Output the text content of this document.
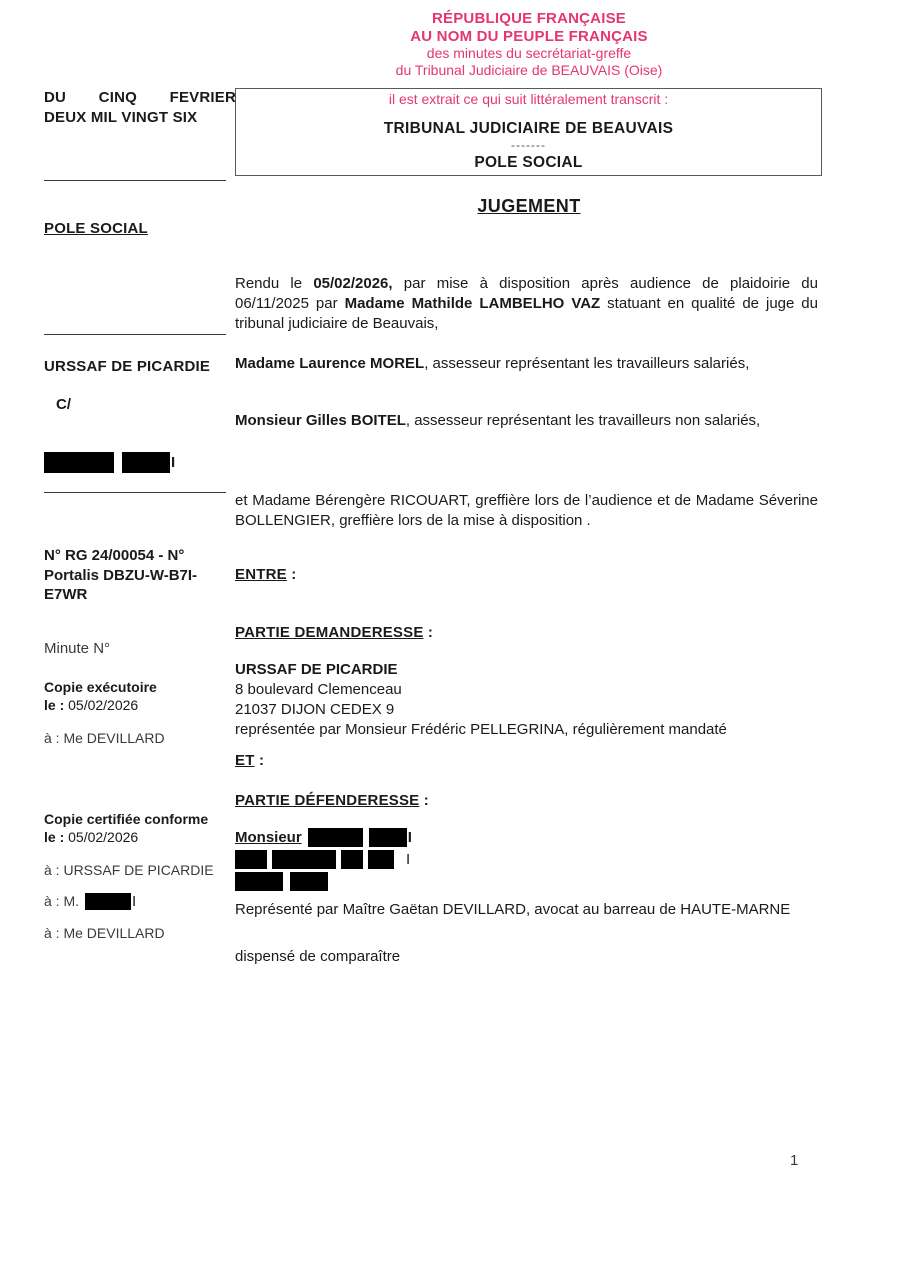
RÉPUBLIQUE FRANÇAISE
AU NOM DU PEUPLE FRANÇAIS
des minutes du secrétariat-greffe
du Tribunal Judiciaire de BEAUVAIS (Oise)
il est extrait ce qui suit littéralement transcrit :
TRIBUNAL JUDICIAIRE DE BEAUVAIS
-------
POLE SOCIAL
DU CINQ FEVRIER
DEUX MIL VINGT SIX
POLE SOCIAL
URSSAF DE PICARDIE
C/
I
N° RG 24/00054 - N° Portalis DBZU-W-B7I-E7WR
Minute N°
Copie exécutoire
le : 05/02/2026
à : Me DEVILLARD
Copie certifiée conforme
le : 05/02/2026
à : URSSAF DE PICARDIE
à : M.	I
à : Me DEVILLARD
JUGEMENT
Rendu le 05/02/2026, par mise à disposition après audience de plaidoirie du 06/11/2025 par Madame Mathilde LAMBELHO VAZ statuant en qualité de juge du tribunal judiciaire de Beauvais,
Madame Laurence MOREL, assesseur représentant les travailleurs salariés,
Monsieur Gilles BOITEL, assesseur représentant les travailleurs non salariés,
et Madame Bérengère RICOUART, greffière lors de l’audience et de Madame Séverine BOLLENGIER, greffière lors de la mise à disposition .
ENTRE :
PARTIE DEMANDERESSE :
URSSAF DE PICARDIE
8 boulevard Clemenceau
21037 DIJON CEDEX 9
représentée par Monsieur Frédéric PELLEGRINA, régulièrement mandaté
ET :
PARTIE DÉFENDERESSE :
Monsieur	I
I
Représenté par Maître Gaëtan DEVILLARD, avocat au barreau de HAUTE-MARNE
dispensé de comparaître
1
